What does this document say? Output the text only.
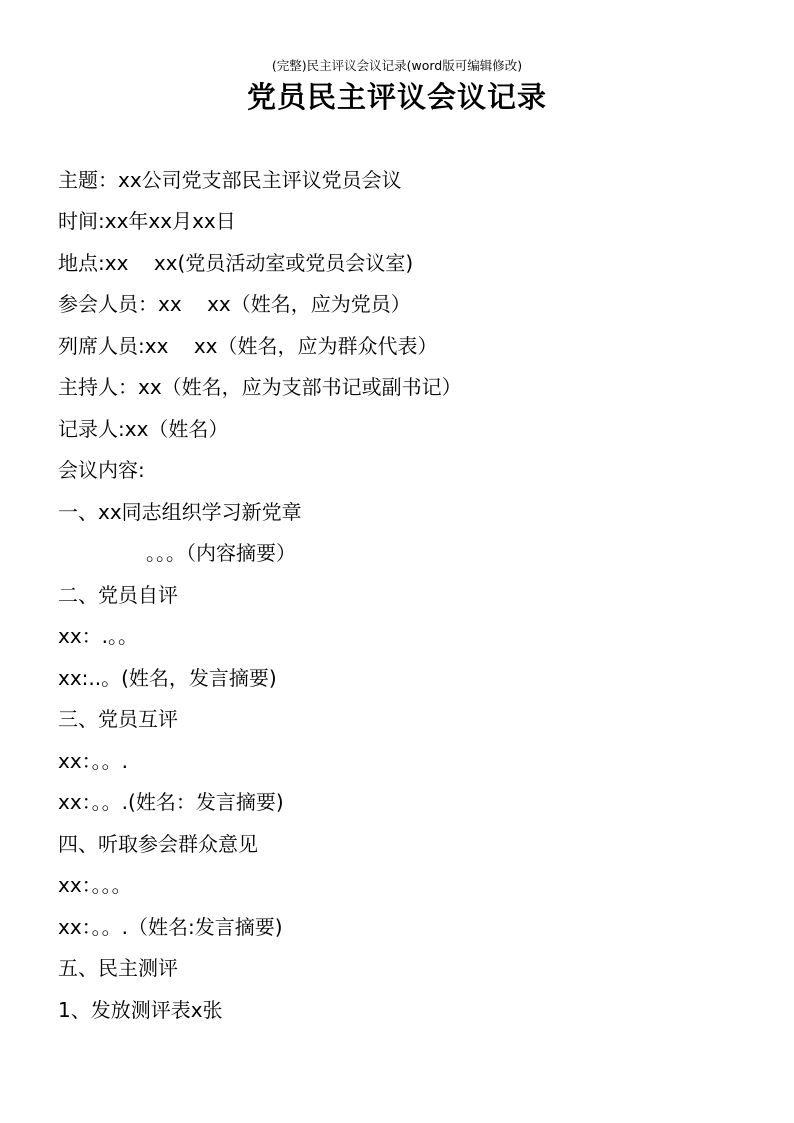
(完整)民主评议会议记录(word版可编辑修改)
党员民主评议会议记录
主题：xx公司党支部民主评议党员会议
时间:xx年xx月xx日
地点:xx    xx(党员活动室或党员会议室)
参会人员：xx    xx（姓名，应为党员）
列席人员:xx    xx（姓名，应为群众代表）
主持人：xx（姓名，应为支部书记或副书记）
记录人:xx（姓名）
会议内容:
一、xx同志组织学习新党章
。。。（内容摘要）
二、党员自评
xx：.。。
xx:..。(姓名，发言摘要)
三、党员互评
xx：。。.
xx：。。.(姓名：发言摘要)
四、听取参会群众意见
xx：。。。
xx：。。.（姓名:发言摘要)
五、民主测评
1、发放测评表x张
